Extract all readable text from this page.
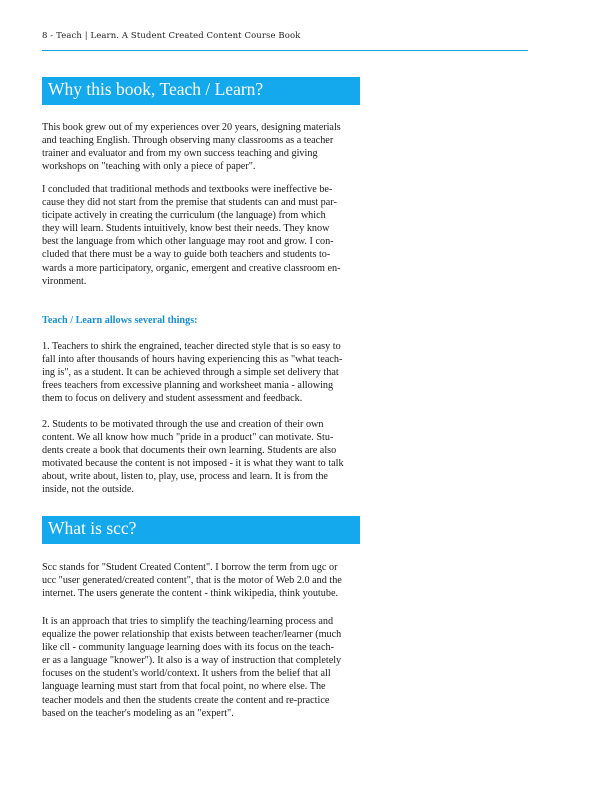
8 - Teach | Learn. A Student Created Content Course Book
Why this book, Teach / Learn?

This book grew out of my experiences over 20 years, designing materials
and teaching English. Through observing many classrooms as a teacher
trainer and evaluator and from my own success teaching and giving
workshops on "teaching with only a piece of paper".

I concluded that traditional methods and textbooks were ineffective be-
cause they did not start from the premise that students can and must par-
ticipate actively in creating the curriculum (the language) from which
they will learn. Students intuitively, know best their needs. They know
best the language from which other language may root and grow. I con-
cluded that there must be a way to guide both teachers and students to-
wards a more participatory, organic, emergent and creative classroom en-
vironment.

Teach / Learn allows several things:

1. Teachers to shirk the engrained, teacher directed style that is so easy to
fall into after thousands of hours having experiencing this as "what teach-
ing is", as a student. It can be achieved through a simple set delivery that
frees teachers from excessive planning and worksheet mania - allowing
them to focus on delivery and student assessment and feedback.

2. Students to be motivated through the use and creation of their own
content. We all know how much "pride in a product" can motivate. Stu-
dents create a book that documents their own learning. Students are also
motivated because the content is not imposed - it is what they want to talk
about, write about, listen to, play, use, process and learn. It is from the
inside, not the outside.

What is scc?

Scc stands for "Student Created Content". I borrow the term from ugc or
ucc "user generated/created content", that is the motor of Web 2.0 and the
internet. The users generate the content - think wikipedia, think youtube.

It is an approach that tries to simplify the teaching/learning process and
equalize the power relationship that exists between teacher/learner (much
like cll - community language learning does with its focus on the teach-
er as a language "knower"). It also is a way of instruction that completely
focuses on the student's world/context. It ushers from the belief that all
language learning must start from that focal point, no where else. The
teacher models and then the students create the content and re-practice
based on the teacher's modeling as an "expert".
